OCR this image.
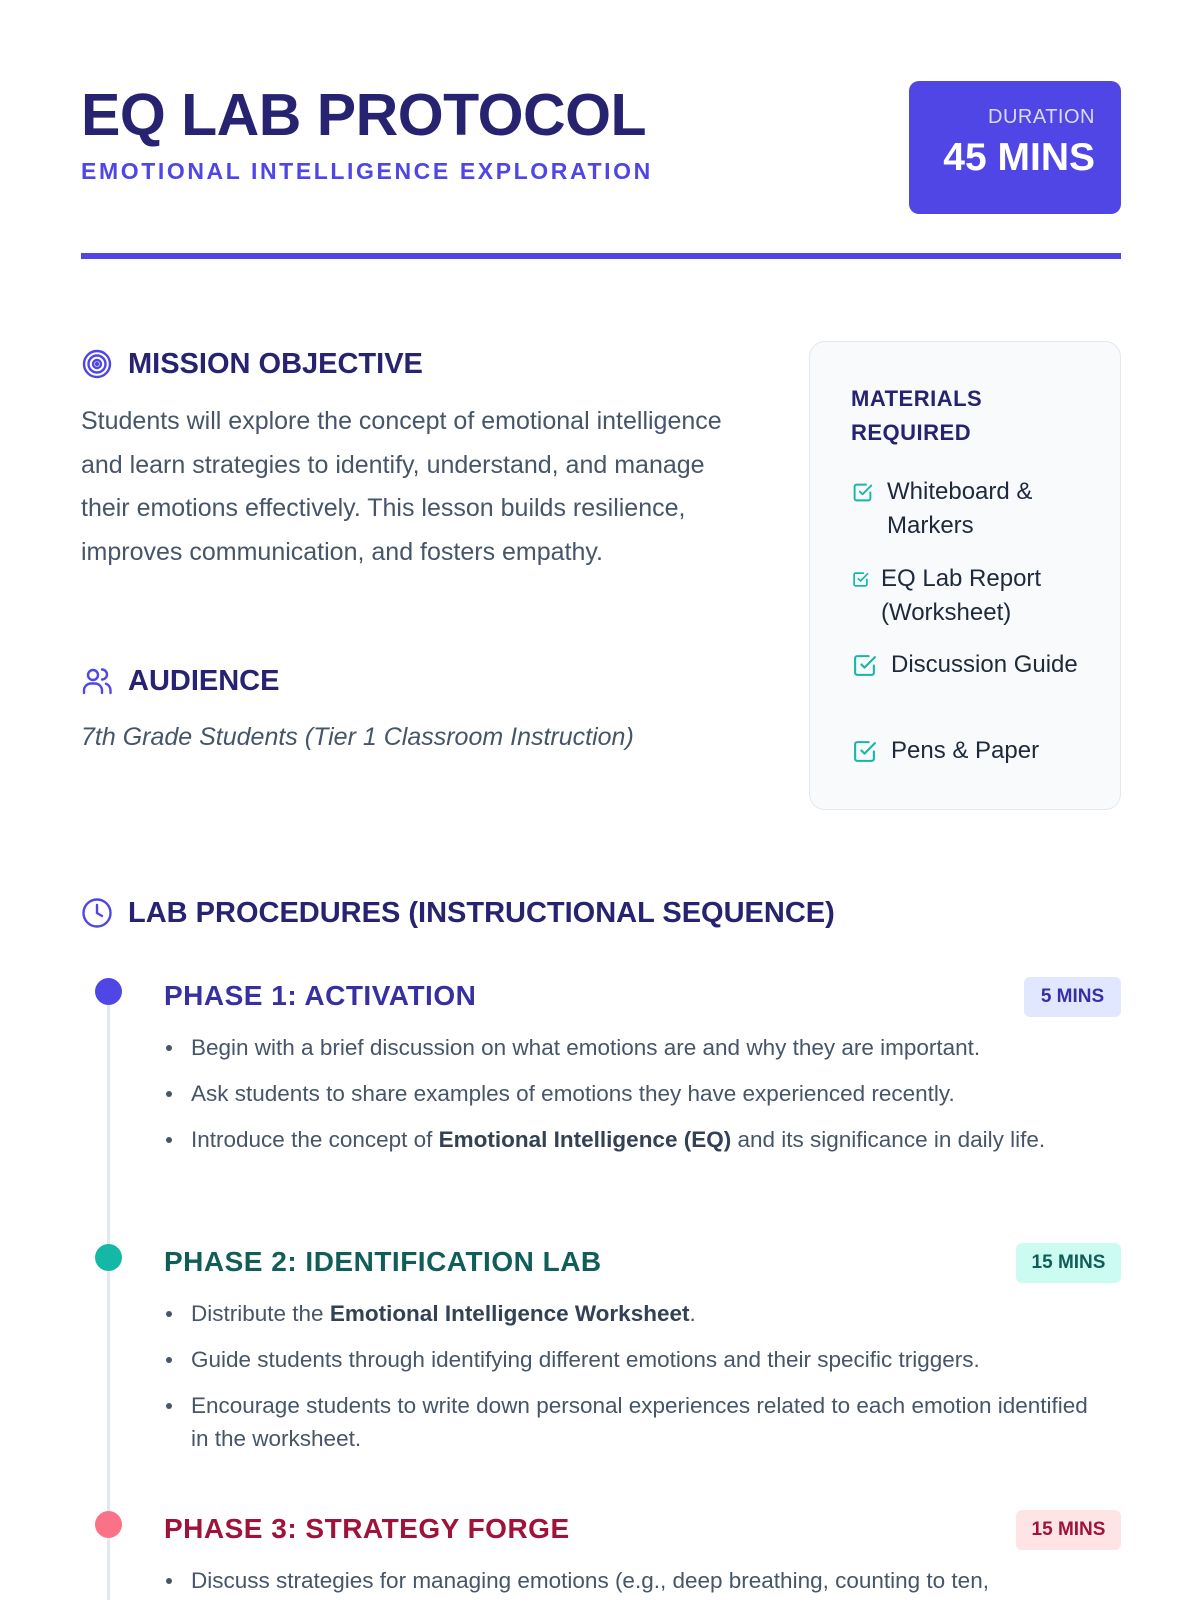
EQ LAB PROTOCOL
EMOTIONAL INTELLIGENCE EXPLORATION
DURATION
45 MINS
MISSION OBJECTIVE

Students will explore the concept of emotional intelligence and learn strategies to identify, understand, and manage their emotions effectively. This lesson builds resilience, improves communication, and fosters empathy.

AUDIENCE

7th Grade Students (Tier 1 Classroom Instruction)

MATERIALS REQUIRED
Whiteboard & Markers
EQ Lab Report (Worksheet)
Discussion Guide
Pens & Paper
LAB PROCEDURES (INSTRUCTIONAL SEQUENCE)
PHASE 1: ACTIVATION	5 MINS
Begin with a brief discussion on what emotions are and why they are important.
Ask students to share examples of emotions they have experienced recently.
Introduce the concept of Emotional Intelligence (EQ) and its significance in daily life.
PHASE 2: IDENTIFICATION LAB	15 MINS
Distribute the Emotional Intelligence Worksheet.
Guide students through identifying different emotions and their specific triggers.
Encourage students to write down personal experiences related to each emotion identified in the worksheet.
PHASE 3: STRATEGY FORGE	15 MINS
Discuss strategies for managing emotions (e.g., deep breathing, counting to ten,
